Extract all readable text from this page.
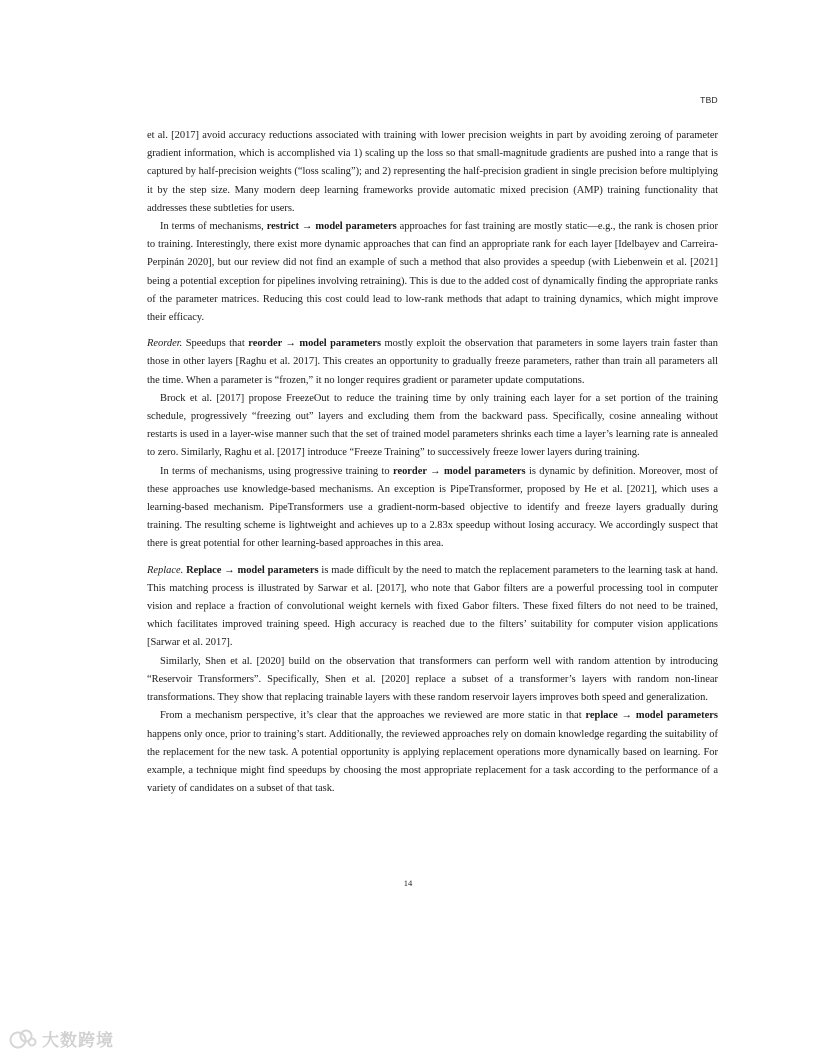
TBD

et al. [2017] avoid accuracy reductions associated with training with lower precision weights in part by avoiding zeroing of parameter gradient information, which is accomplished via 1) scaling up the loss so that small-magnitude gradients are pushed into a range that is captured by half-precision weights (“loss scaling”); and 2) representing the half-precision gradient in single precision before multiplying it by the step size. Many modern deep learning frameworks provide automatic mixed precision (AMP) training functionality that addresses these subtleties for users.

In terms of mechanisms, restrict → model parameters approaches for fast training are mostly static—e.g., the rank is chosen prior to training. Interestingly, there exist more dynamic approaches that can find an appropriate rank for each layer [Idelbayev and Carreira-Perpinán 2020], but our review did not find an example of such a method that also provides a speedup (with Liebenwein et al. [2021] being a potential exception for pipelines involving retraining). This is due to the added cost of dynamically finding the appropriate ranks of the parameter matrices. Reducing this cost could lead to low-rank methods that adapt to training dynamics, which might improve their efficacy.

Reorder. Speedups that reorder → model parameters mostly exploit the observation that parameters in some layers train faster than those in other layers [Raghu et al. 2017]. This creates an opportunity to gradually freeze parameters, rather than train all parameters all the time. When a parameter is “frozen,” it no longer requires gradient or parameter update computations.

Brock et al. [2017] propose FreezeOut to reduce the training time by only training each layer for a set portion of the training schedule, progressively “freezing out” layers and excluding them from the backward pass. Specifically, cosine annealing without restarts is used in a layer-wise manner such that the set of trained model parameters shrinks each time a layer’s learning rate is annealed to zero. Similarly, Raghu et al. [2017] introduce “Freeze Training” to successively freeze lower layers during training.

In terms of mechanisms, using progressive training to reorder → model parameters is dynamic by definition. Moreover, most of these approaches use knowledge-based mechanisms. An exception is PipeTransformer, proposed by He et al. [2021], which uses a learning-based mechanism. PipeTransformers use a gradient-norm-based objective to identify and freeze layers gradually during training. The resulting scheme is lightweight and achieves up to a 2.83x speedup without losing accuracy. We accordingly suspect that there is great potential for other learning-based approaches in this area.

Replace. Replace → model parameters is made difficult by the need to match the replacement parameters to the learning task at hand. This matching process is illustrated by Sarwar et al. [2017], who note that Gabor filters are a powerful processing tool in computer vision and replace a fraction of convolutional weight kernels with fixed Gabor filters. These fixed filters do not need to be trained, which facilitates improved training speed. High accuracy is reached due to the filters’ suitability for computer vision applications [Sarwar et al. 2017].

Similarly, Shen et al. [2020] build on the observation that transformers can perform well with random attention by introducing “Reservoir Transformers”. Specifically, Shen et al. [2020] replace a subset of a transformer’s layers with random non-linear transformations. They show that replacing trainable layers with these random reservoir layers improves both speed and generalization.

From a mechanism perspective, it’s clear that the approaches we reviewed are more static in that replace → model parameters happens only once, prior to training’s start. Additionally, the reviewed approaches rely on domain knowledge regarding the suitability of the replacement for the new task. A potential opportunity is applying replacement operations more dynamically based on learning. For example, a technique might find speedups by choosing the most appropriate replacement for a task according to the performance of a variety of candidates on a subset of that task.

14
大数跨境
